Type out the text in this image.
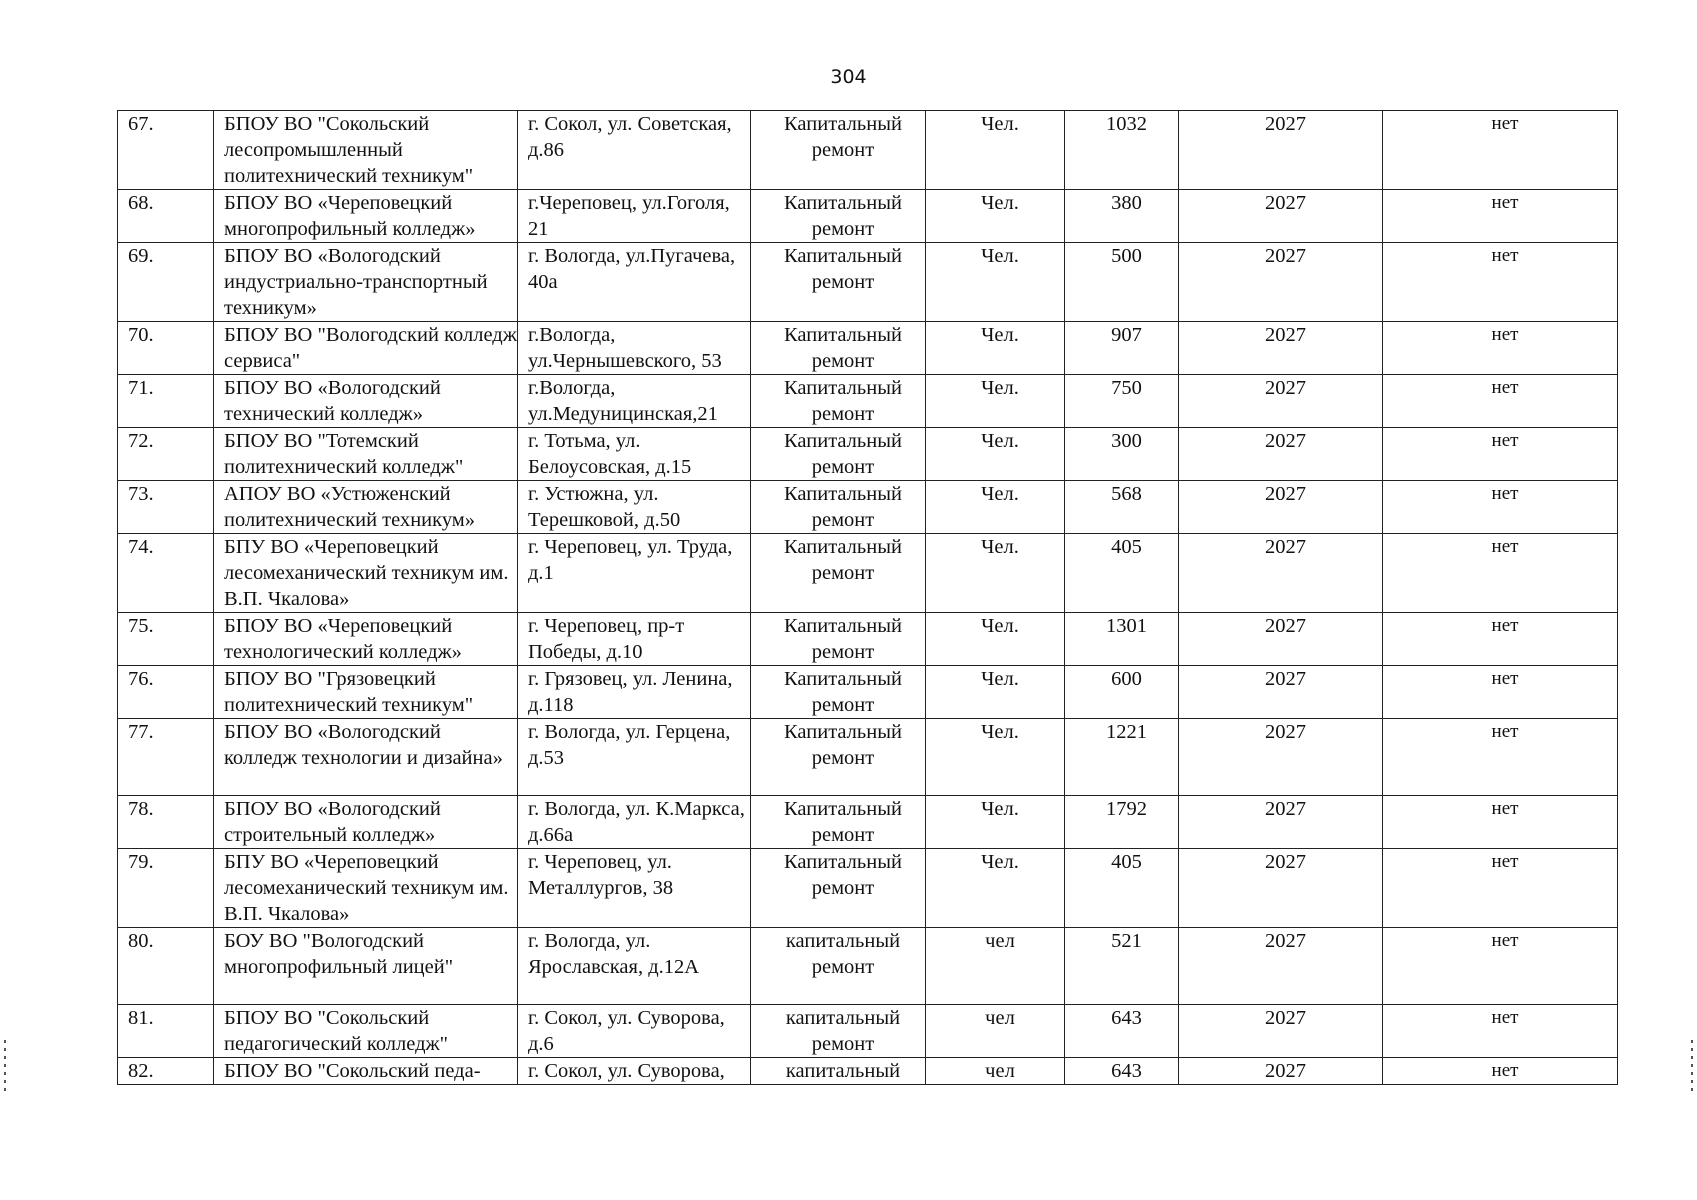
304
67.	БПОУ ВО "Сокольский лесопромышленный политехнический техникум"	г. Сокол, ул. Советская, д.86	Капитальный ремонт	Чел.	1032	2027	нет
68.	БПОУ ВО «Череповецкий многопрофильный колледж»	г.Череповец, ул.Гоголя, 21	Капитальный ремонт	Чел.	380	2027	нет
69.	БПОУ ВО «Вологодский индустриально-транспортный техникум»	г. Вологда, ул.Пугачева, 40а	Капитальный ремонт	Чел.	500	2027	нет
70.	БПОУ ВО "Вологодский колледж сервиса"	г.Вологда, ул.Чернышевского, 53	Капитальный ремонт	Чел.	907	2027	нет
71.	БПОУ ВО «Вологодский технический колледж»	г.Вологда, ул.Медуницинская,21	Капитальный ремонт	Чел.	750	2027	нет
72.	БПОУ ВО "Тотемский политехнический колледж"	г. Тотьма, ул. Белоусовская, д.15	Капитальный ремонт	Чел.	300	2027	нет
73.	АПОУ ВО «Устюженский политехнический техникум»	г. Устюжна, ул. Терешковой, д.50	Капитальный ремонт	Чел.	568	2027	нет
74.	БПУ ВО «Череповецкий лесомеханический техникум им. В.П. Чкалова»	г. Череповец, ул. Труда, д.1	Капитальный ремонт	Чел.	405	2027	нет
75.	БПОУ ВО «Череповецкий технологический колледж»	г. Череповец, пр-т Победы, д.10	Капитальный ремонт	Чел.	1301	2027	нет
76.	БПОУ ВО "Грязовецкий политехнический техникум"	г. Грязовец, ул. Ленина, д.118	Капитальный ремонт	Чел.	600	2027	нет
77.	БПОУ ВО «Вологодский колледж технологии и дизайна»	г. Вологда, ул. Герцена, д.53	Капитальный ремонт	Чел.	1221	2027	нет
78.	БПОУ ВО «Вологодский строительный колледж»	г. Вологда, ул. К.Маркса, д.66а	Капитальный ремонт	Чел.	1792	2027	нет
79.	БПУ ВО «Череповецкий лесомеханический техникум им. В.П. Чкалова»	г. Череповец, ул. Металлургов, 38	Капитальный ремонт	Чел.	405	2027	нет
80.	БОУ ВО "Вологодский многопрофильный лицей"	г. Вологда, ул. Ярославская, д.12А	капитальный ремонт	чел	521	2027	нет
81.	БПОУ ВО "Сокольский педагогический колледж"	г. Сокол, ул. Суворова, д.6	капитальный ремонт	чел	643	2027	нет
82.	БПОУ ВО "Сокольский педа-	г. Сокол, ул. Суворова,	капитальный	чел	643	2027	нет
